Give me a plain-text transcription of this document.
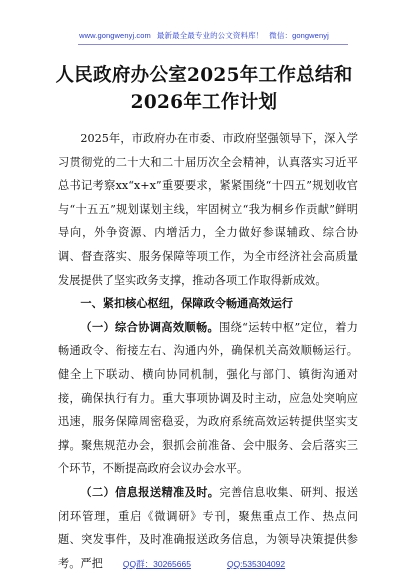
www.gongwenyj.com 最新最全最专业的公文资料库！ 微信：gongwenyj
人民政府办公室2025年工作总结和2026年工作计划

2025年，市政府办在市委、市政府坚强领导下，深入学习贯彻党的二十大和二十届历次全会精神，认真落实习近平总书记考察xx“x+x”重要要求，紧紧围绕“十四五”规划收官与“十五五”规划谋划主线，牢固树立“我为桐乡作贡献”鲜明导向，外争资源、内增活力，全力做好参谋辅政、综合协调、督查落实、服务保障等项工作，为全市经济社会高质量发展提供了坚实政务支撑，推动各项工作取得新成效。

一、紧扣核心枢纽，保障政令畅通高效运行

（一）综合协调高效顺畅。围绕“运转中枢”定位，着力畅通政令、衔接左右、沟通内外，确保机关高效顺畅运行。健全上下联动、横向协同机制，强化与部门、镇街沟通对接，确保执行有力。重大事项协调及时主动，应急处突响应迅速，服务保障周密稳妥，为政府系统高效运转提供坚实支撑。聚焦规范办会，狠抓会前准备、会中服务、会后落实三个环节，不断提高政府会议办会水平。

（二）信息报送精准及时。完善信息收集、研判、报送闭环管理，重启《微调研》专刊，聚焦重点工作、热点问题、突发事件，及时准确报送政务信息，为领导决策提供参考。严把	QQ群：30265665	QQ:535304092
